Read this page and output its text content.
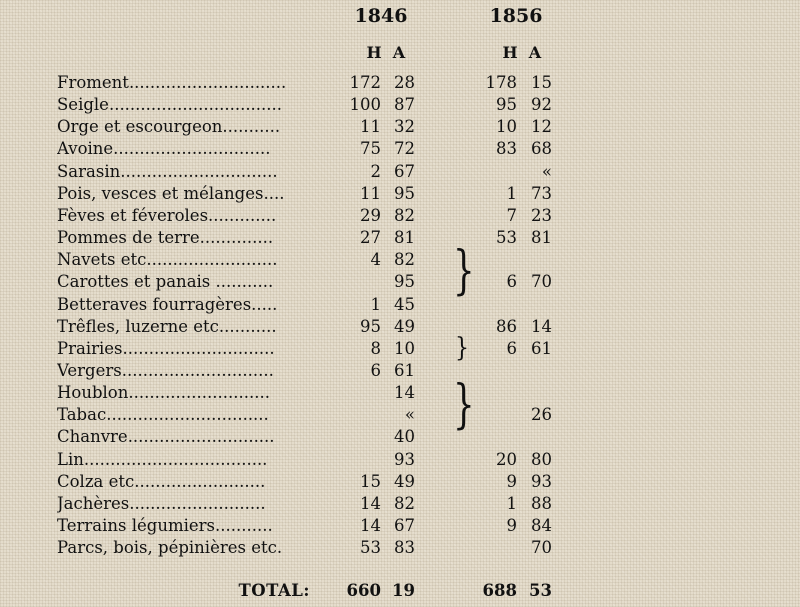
1846	1856
H A	H A
Froment..............................	172 28	178 15
Seigle.................................	100 87	95 92
Orge et escourgeon...........	11 32	10 12
Avoine..............................	75 72	83 68
Sarasin..............................	2 67	«
Pois, vesces et mélanges....	11 95	1 73
Fèves et féveroles.............	29 82	7 23
Pommes de terre..............	27 81	53 81
Navets etc.........................	4 82
Carottes et panais ...........	95	6 70
Betteraves fourragères.....	1 45
Trêfles, luzerne etc...........	95 49	86 14
Prairies.............................	8 10	6 61
Vergers.............................	6 61
Houblon...........................	14
Tabac...............................	«	26
Chanvre............................	40
Lin...................................	93	20 80
Colza etc.........................	15 49	9 93
Jachères..........................	14 82	1 88
Terrains légumiers...........	14 67	9 84
Parcs, bois, pépinières etc.	53 83	70
TOTAL:	660 19	688 53
}
}
}
